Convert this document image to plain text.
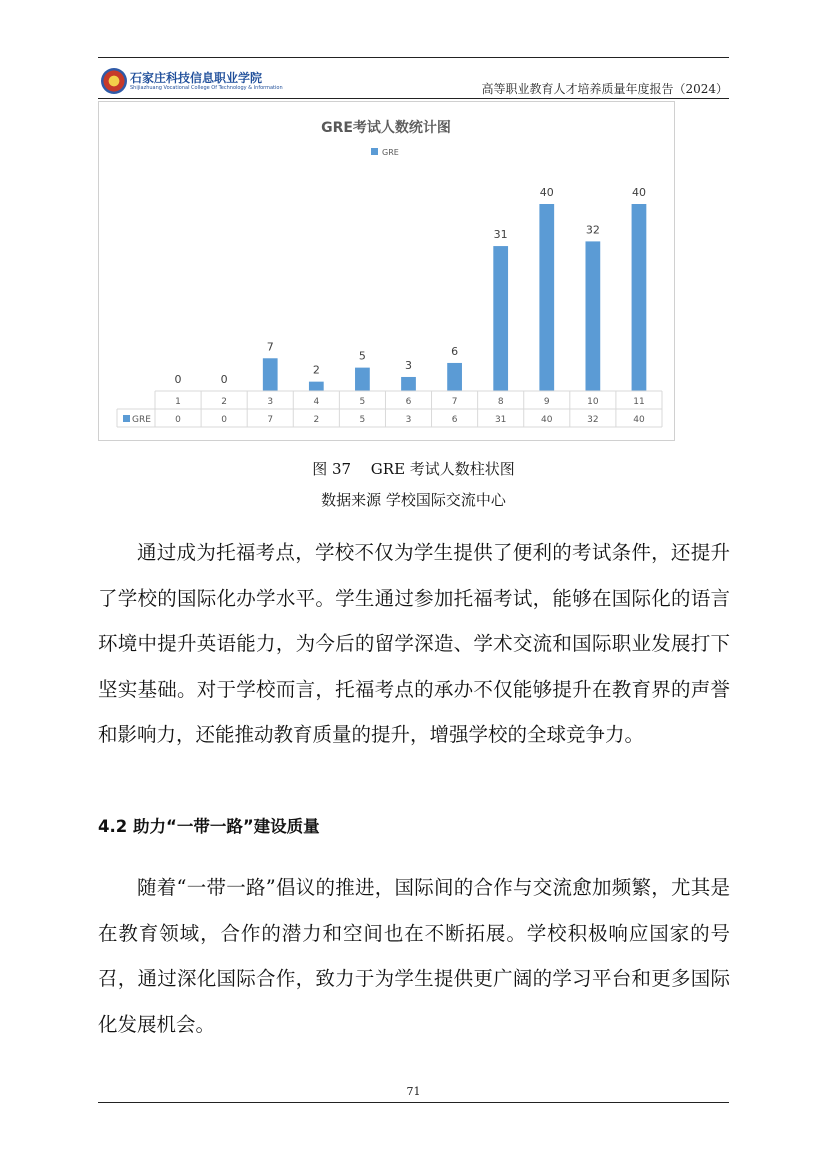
石家庄科技信息职业学院
Shijiazhuang Vocational College Of Technology & Information	高等职业教育人才培养质量年度报告（2024）
GRE考试人数统计图
GRE
0	0
7
2
5
3
6
31
40
32
40
1
0
2
0
3
7
4
2
5
5
6
3
7
6
8
31
9
40
10
32
11
40
GRE
图 37　 GRE 考试人数柱状图
数据来源 学校国际交流中心

通过成为托福考点，学校不仅为学生提供了便利的考试条件，还提升了学校的国际化办学水平。学生通过参加托福考试，能够在国际化的语言环境中提升英语能力，为今后的留学深造、学术交流和国际职业发展打下坚实基础。对于学校而言，托福考点的承办不仅能够提升在教育界的声誉和影响力，还能推动教育质量的提升，增强学校的全球竞争力。

4.2 助力“一带一路”建设质量

随着“一带一路”倡议的推进，国际间的合作与交流愈加频繁，尤其是在教育领域，合作的潜力和空间也在不断拓展。学校积极响应国家的号召，通过深化国际合作，致力于为学生提供更广阔的学习平台和更多国际化发展机会。

71
